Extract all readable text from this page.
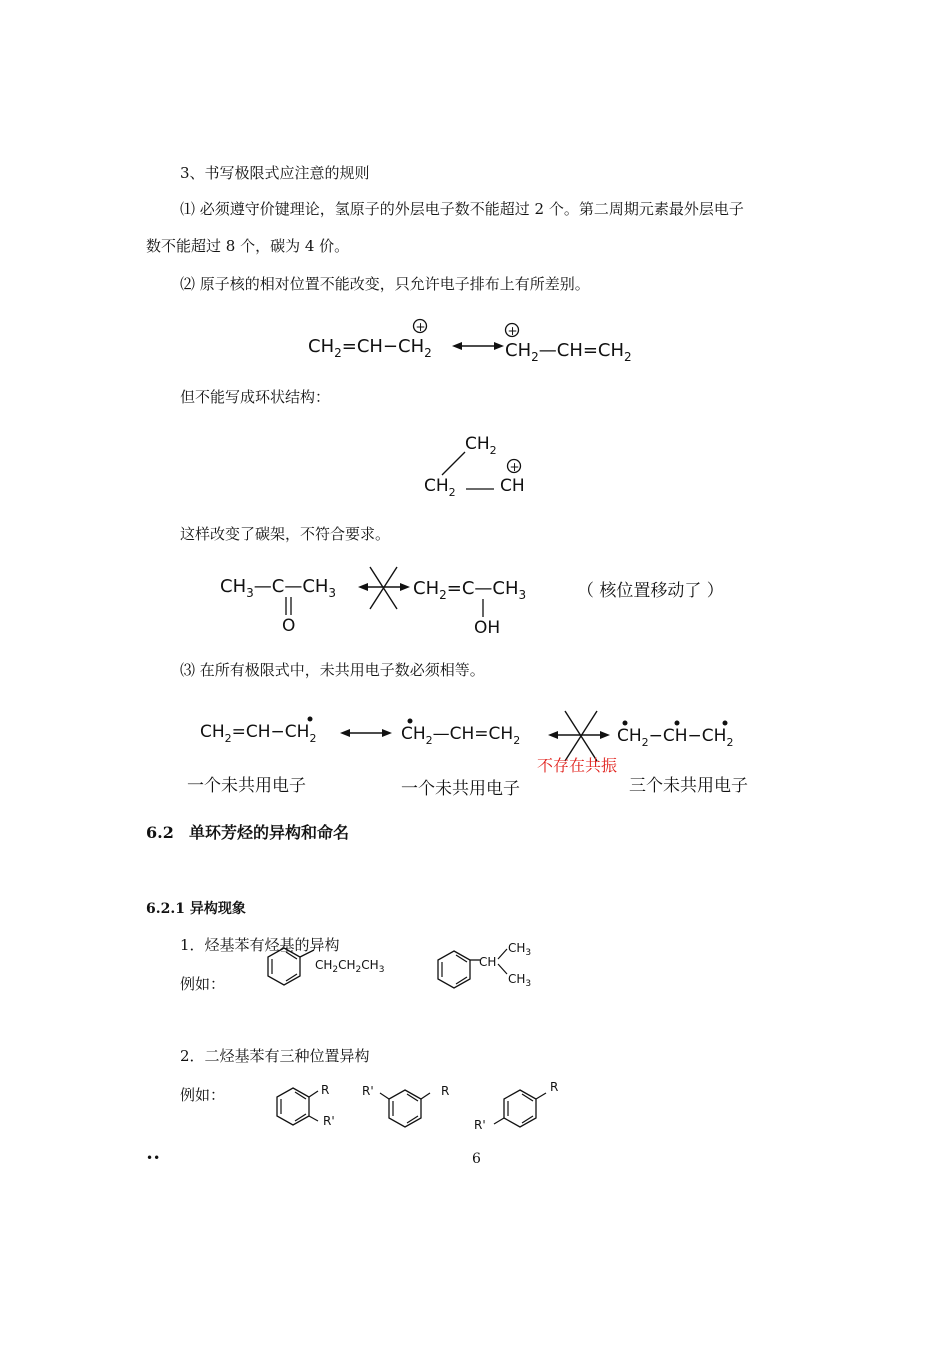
3、书写极限式应注意的规则
⑴ 必须遵守价键理论，氢原子的外层电子数不能超过 2 个。第二周期元素最外层电子
数不能超过 8 个，碳为 4 价。
⑵ 原子核的相对位置不能改变，只允许电子排布上有所差别。
$CH_2=CH-CH_2$
+	+
$CH_2—CH=CH_2$
但不能写成环状结构：
$CH_2$
+
$CH_2$	CH
这样改变了碳架，不符合要求。
$CH_3—C—CH_3$
O
$CH_2=C—CH_3$
OH
（ 核位置移动了 ）
⑶ 在所有极限式中，未共用电子数必须相等。
$CH_2=CH-CH_2$	$CH_2—CH=CH_2$
不存在共振
$CH_2-CH-CH_2$
一个未共用电子	一个未共用电子	三个未共用电子
6.2 单环芳烃的异构和命名
6.2.1 异构现象
1．烃基苯有烃基的异构
例如：
$CH_2CH_2CH_3$
CH
$CH_3$
$CH_3$
2．二烃基苯有三种位置异构
例如：	R
R'
R'	R	R
R'
••	6
